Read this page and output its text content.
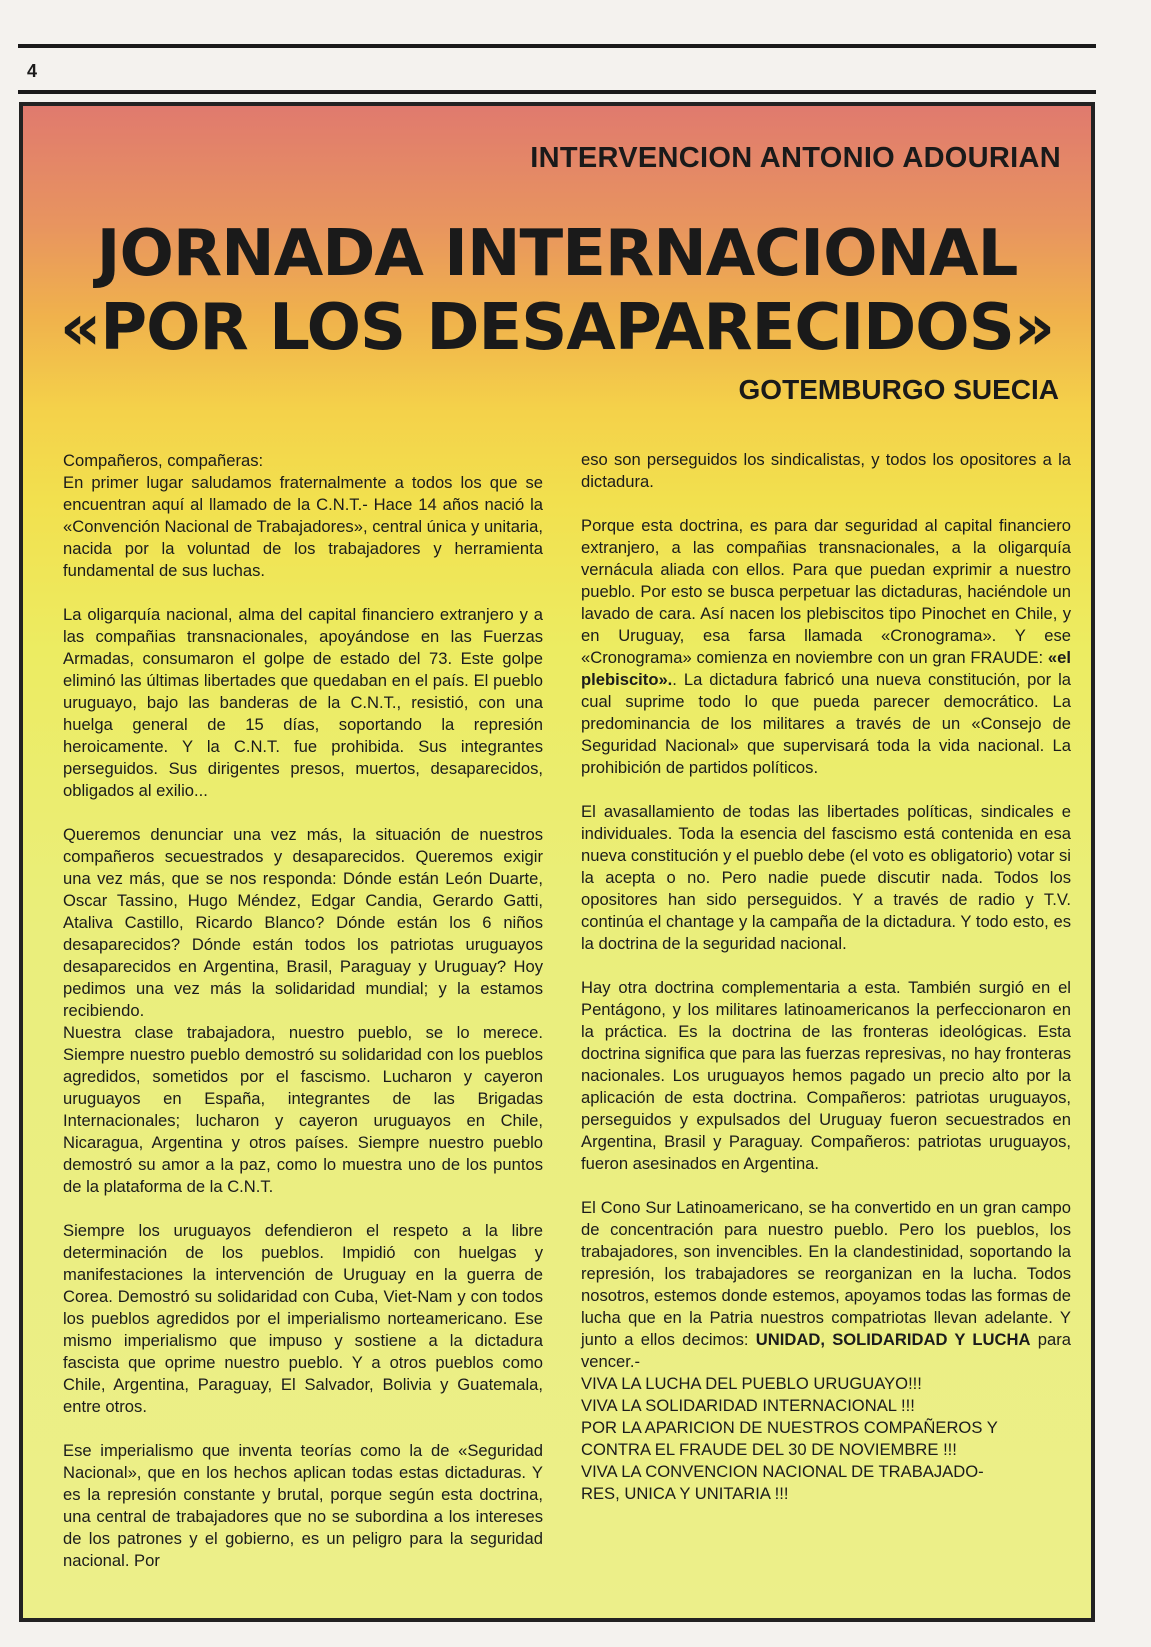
4
INTERVENCION ANTONIO ADOURIAN
JORNADA INTERNACIONAL
«POR LOS DESAPARECIDOS»
GOTEMBURGO SUECIA

Compañeros, compañeras:

En primer lugar saludamos fraternalmente a todos los que se encuentran aquí al llamado de la C.N.T.- Hace 14 años nació la «Convención Nacional de Trabajadores», central única y unitaria, nacida por la voluntad de los trabajadores y herramienta fundamental de sus luchas.

La oligarquía nacional, alma del capital financiero extranjero y a las compañias transnacionales, apoyándose en las Fuerzas Armadas, consumaron el golpe de estado del 73. Este golpe eliminó las últimas libertades que quedaban en el país. El pueblo uruguayo, bajo las banderas de la C.N.T., resistió, con una huelga general de 15 días, soportando la represión heroicamente. Y la C.N.T. fue prohibida. Sus integrantes perseguidos. Sus dirigentes presos, muertos, desaparecidos, obligados al exilio...

Queremos denunciar una vez más, la situación de nuestros compañeros secuestrados y desaparecidos. Queremos exigir una vez más, que se nos responda: Dónde están León Duarte, Oscar Tassino, Hugo Méndez, Edgar Candia, Gerardo Gatti, Ataliva Castillo, Ricardo Blanco? Dónde están los 6 niños desaparecidos? Dónde están todos los patriotas uruguayos desaparecidos en Argentina, Brasil, Paraguay y Uruguay? Hoy pedimos una vez más la solidaridad mundial; y la estamos recibiendo.

Nuestra clase trabajadora, nuestro pueblo, se lo merece. Siempre nuestro pueblo demostró su solidaridad con los pueblos agredidos, sometidos por el fascismo. Lucharon y cayeron uruguayos en España, integrantes de las Brigadas Internacionales; lucharon y cayeron uruguayos en Chile, Nicaragua, Argentina y otros países. Siempre nuestro pueblo demostró su amor a la paz, como lo muestra uno de los puntos de la plataforma de la C.N.T.

Siempre los uruguayos defendieron el respeto a la libre determinación de los pueblos. Impidió con huelgas y manifestaciones la intervención de Uruguay en la guerra de Corea. Demostró su solidaridad con Cuba, Viet-Nam y con todos los pueblos agredidos por el imperialismo norteamericano. Ese mismo imperialismo que impuso y sostiene a la dictadura fascista que oprime nuestro pueblo. Y a otros pueblos como Chile, Argentina, Paraguay, El Salvador, Bolivia y Guatemala, entre otros.

Ese imperialismo que inventa teorías como la de «Seguridad Nacional», que en los hechos aplican todas estas dictaduras. Y es la represión constante y brutal, porque según esta doctrina, una central de trabajadores que no se subordina a los intereses de los patrones y el gobierno, es un peligro para la seguridad nacional. Por

eso son perseguidos los sindicalistas, y todos los opositores a la dictadura.

Porque esta doctrina, es para dar seguridad al capital financiero extranjero, a las compañias transnacionales, a la oligarquía vernácula aliada con ellos. Para que puedan exprimir a nuestro pueblo. Por esto se busca perpetuar las dictaduras, haciéndole un lavado de cara. Así nacen los plebiscitos tipo Pinochet en Chile, y en Uruguay, esa farsa llamada «Cronograma». Y ese «Cronograma» comienza en noviembre con un gran FRAUDE: «el plebiscito».. La dictadura fabricó una nueva constitución, por la cual suprime todo lo que pueda parecer democrático. La predominancia de los militares a través de un «Consejo de Seguridad Nacional» que supervisará toda la vida nacional. La prohibición de partidos políticos.

El avasallamiento de todas las libertades políticas, sindicales e individuales. Toda la esencia del fascismo está contenida en esa nueva constitución y el pueblo debe (el voto es obligatorio) votar si la acepta o no. Pero nadie puede discutir nada. Todos los opositores han sido perseguidos. Y a través de radio y T.V. continúa el chantage y la campaña de la dictadura. Y todo esto, es la doctrina de la seguridad nacional.

Hay otra doctrina complementaria a esta. También surgió en el Pentágono, y los militares latinoamericanos la perfeccionaron en la práctica. Es la doctrina de las fronteras ideológicas. Esta doctrina significa que para las fuerzas represivas, no hay fronteras nacionales. Los uruguayos hemos pagado un precio alto por la aplicación de esta doctrina. Compañeros: patriotas uruguayos, perseguidos y expulsados del Uruguay fueron secuestrados en Argentina, Brasil y Paraguay. Compañeros: patriotas uruguayos, fueron asesinados en Argentina.

El Cono Sur Latinoamericano, se ha convertido en un gran campo de concentración para nuestro pueblo. Pero los pueblos, los trabajadores, son invencibles. En la clandestinidad, soportando la represión, los trabajadores se reorganizan en la lucha. Todos nosotros, estemos donde estemos, apoyamos todas las formas de lucha que en la Patria nuestros compatriotas llevan adelante. Y junto a ellos decimos: UNIDAD, SOLIDARIDAD Y LUCHA para vencer.-

VIVA LA LUCHA DEL PUEBLO URUGUAYO!!!

VIVA LA SOLIDARIDAD INTERNACIONAL !!!

POR LA APARICION DE NUESTROS COMPAÑEROS Y

CONTRA EL FRAUDE DEL 30 DE NOVIEMBRE !!!

VIVA LA CONVENCION NACIONAL DE TRABAJADO-

RES, UNICA Y UNITARIA !!!
